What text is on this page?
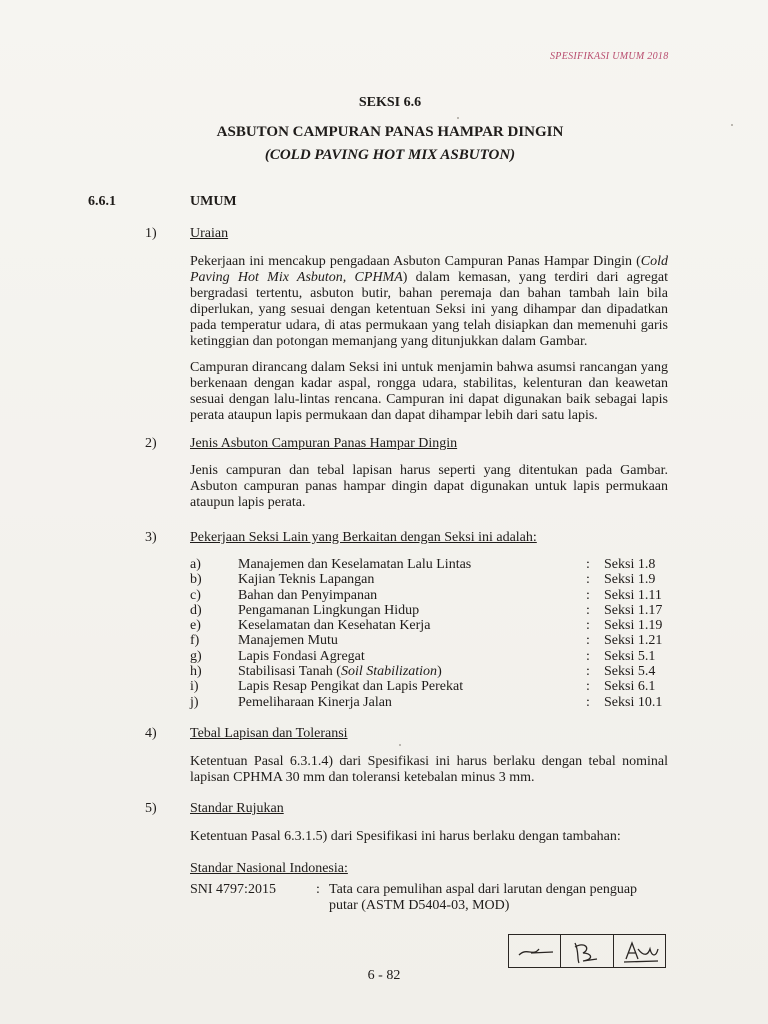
SPESIFIKASI UMUM 2018
SEKSI 6.6
ASBUTON CAMPURAN PANAS HAMPAR DINGIN
(COLD PAVING HOT MIX ASBUTON)
6.6.1	UMUM
1) Uraian
Pekerjaan ini mencakup pengadaan Asbuton Campuran Panas Hampar Dingin (Cold Paving Hot Mix Asbuton, CPHMA) dalam kemasan, yang terdiri dari agregat bergradasi tertentu, asbuton butir, bahan peremaja dan bahan tambah lain bila diperlukan, yang sesuai dengan ketentuan Seksi ini yang dihampar dan dipadatkan pada temperatur udara, di atas permukaan yang telah disiapkan dan memenuhi garis ketinggian dan potongan memanjang yang ditunjukkan dalam Gambar.
Campuran dirancang dalam Seksi ini untuk menjamin bahwa asumsi rancangan yang berkenaan dengan kadar aspal, rongga udara, stabilitas, kelenturan dan keawetan sesuai dengan lalu-lintas rencana. Campuran ini dapat digunakan baik sebagai lapis perata ataupun lapis permukaan dan dapat dihampar lebih dari satu lapis.
2) Jenis Asbuton Campuran Panas Hampar Dingin
Jenis campuran dan tebal lapisan harus seperti yang ditentukan pada Gambar. Asbuton campuran panas hampar dingin dapat digunakan untuk lapis permukaan ataupun lapis perata.
3) Pekerjaan Seksi Lain yang Berkaitan dengan Seksi ini adalah:
a)	Manajemen dan Keselamatan Lalu Lintas	: Seksi 1.8
b)	Kajian Teknis Lapangan	: Seksi 1.9
c)	Bahan dan Penyimpanan	: Seksi 1.11
d)	Pengamanan Lingkungan Hidup	: Seksi 1.17
e)	Keselamatan dan Kesehatan Kerja	: Seksi 1.19
f)	Manajemen Mutu	: Seksi 1.21
g)	Lapis Fondasi Agregat	: Seksi 5.1
h)	Stabilisasi Tanah (Soil Stabilization)	: Seksi 5.4
i)	Lapis Resap Pengikat dan Lapis Perekat	: Seksi 6.1
j)	Pemeliharaan Kinerja Jalan	: Seksi 10.1
4) Tebal Lapisan dan Toleransi
Ketentuan Pasal 6.3.1.4) dari Spesifikasi ini harus berlaku dengan tebal nominal lapisan CPHMA 30 mm dan toleransi ketebalan minus 3 mm.
5) Standar Rujukan
Ketentuan Pasal 6.3.1.5) dari Spesifikasi ini harus berlaku dengan tambahan:
Standar Nasional Indonesia:
SNI 4797:2015	: Tata cara pemulihan aspal dari larutan dengan penguap putar (ASTM D5404-03, MOD)
6 - 82
